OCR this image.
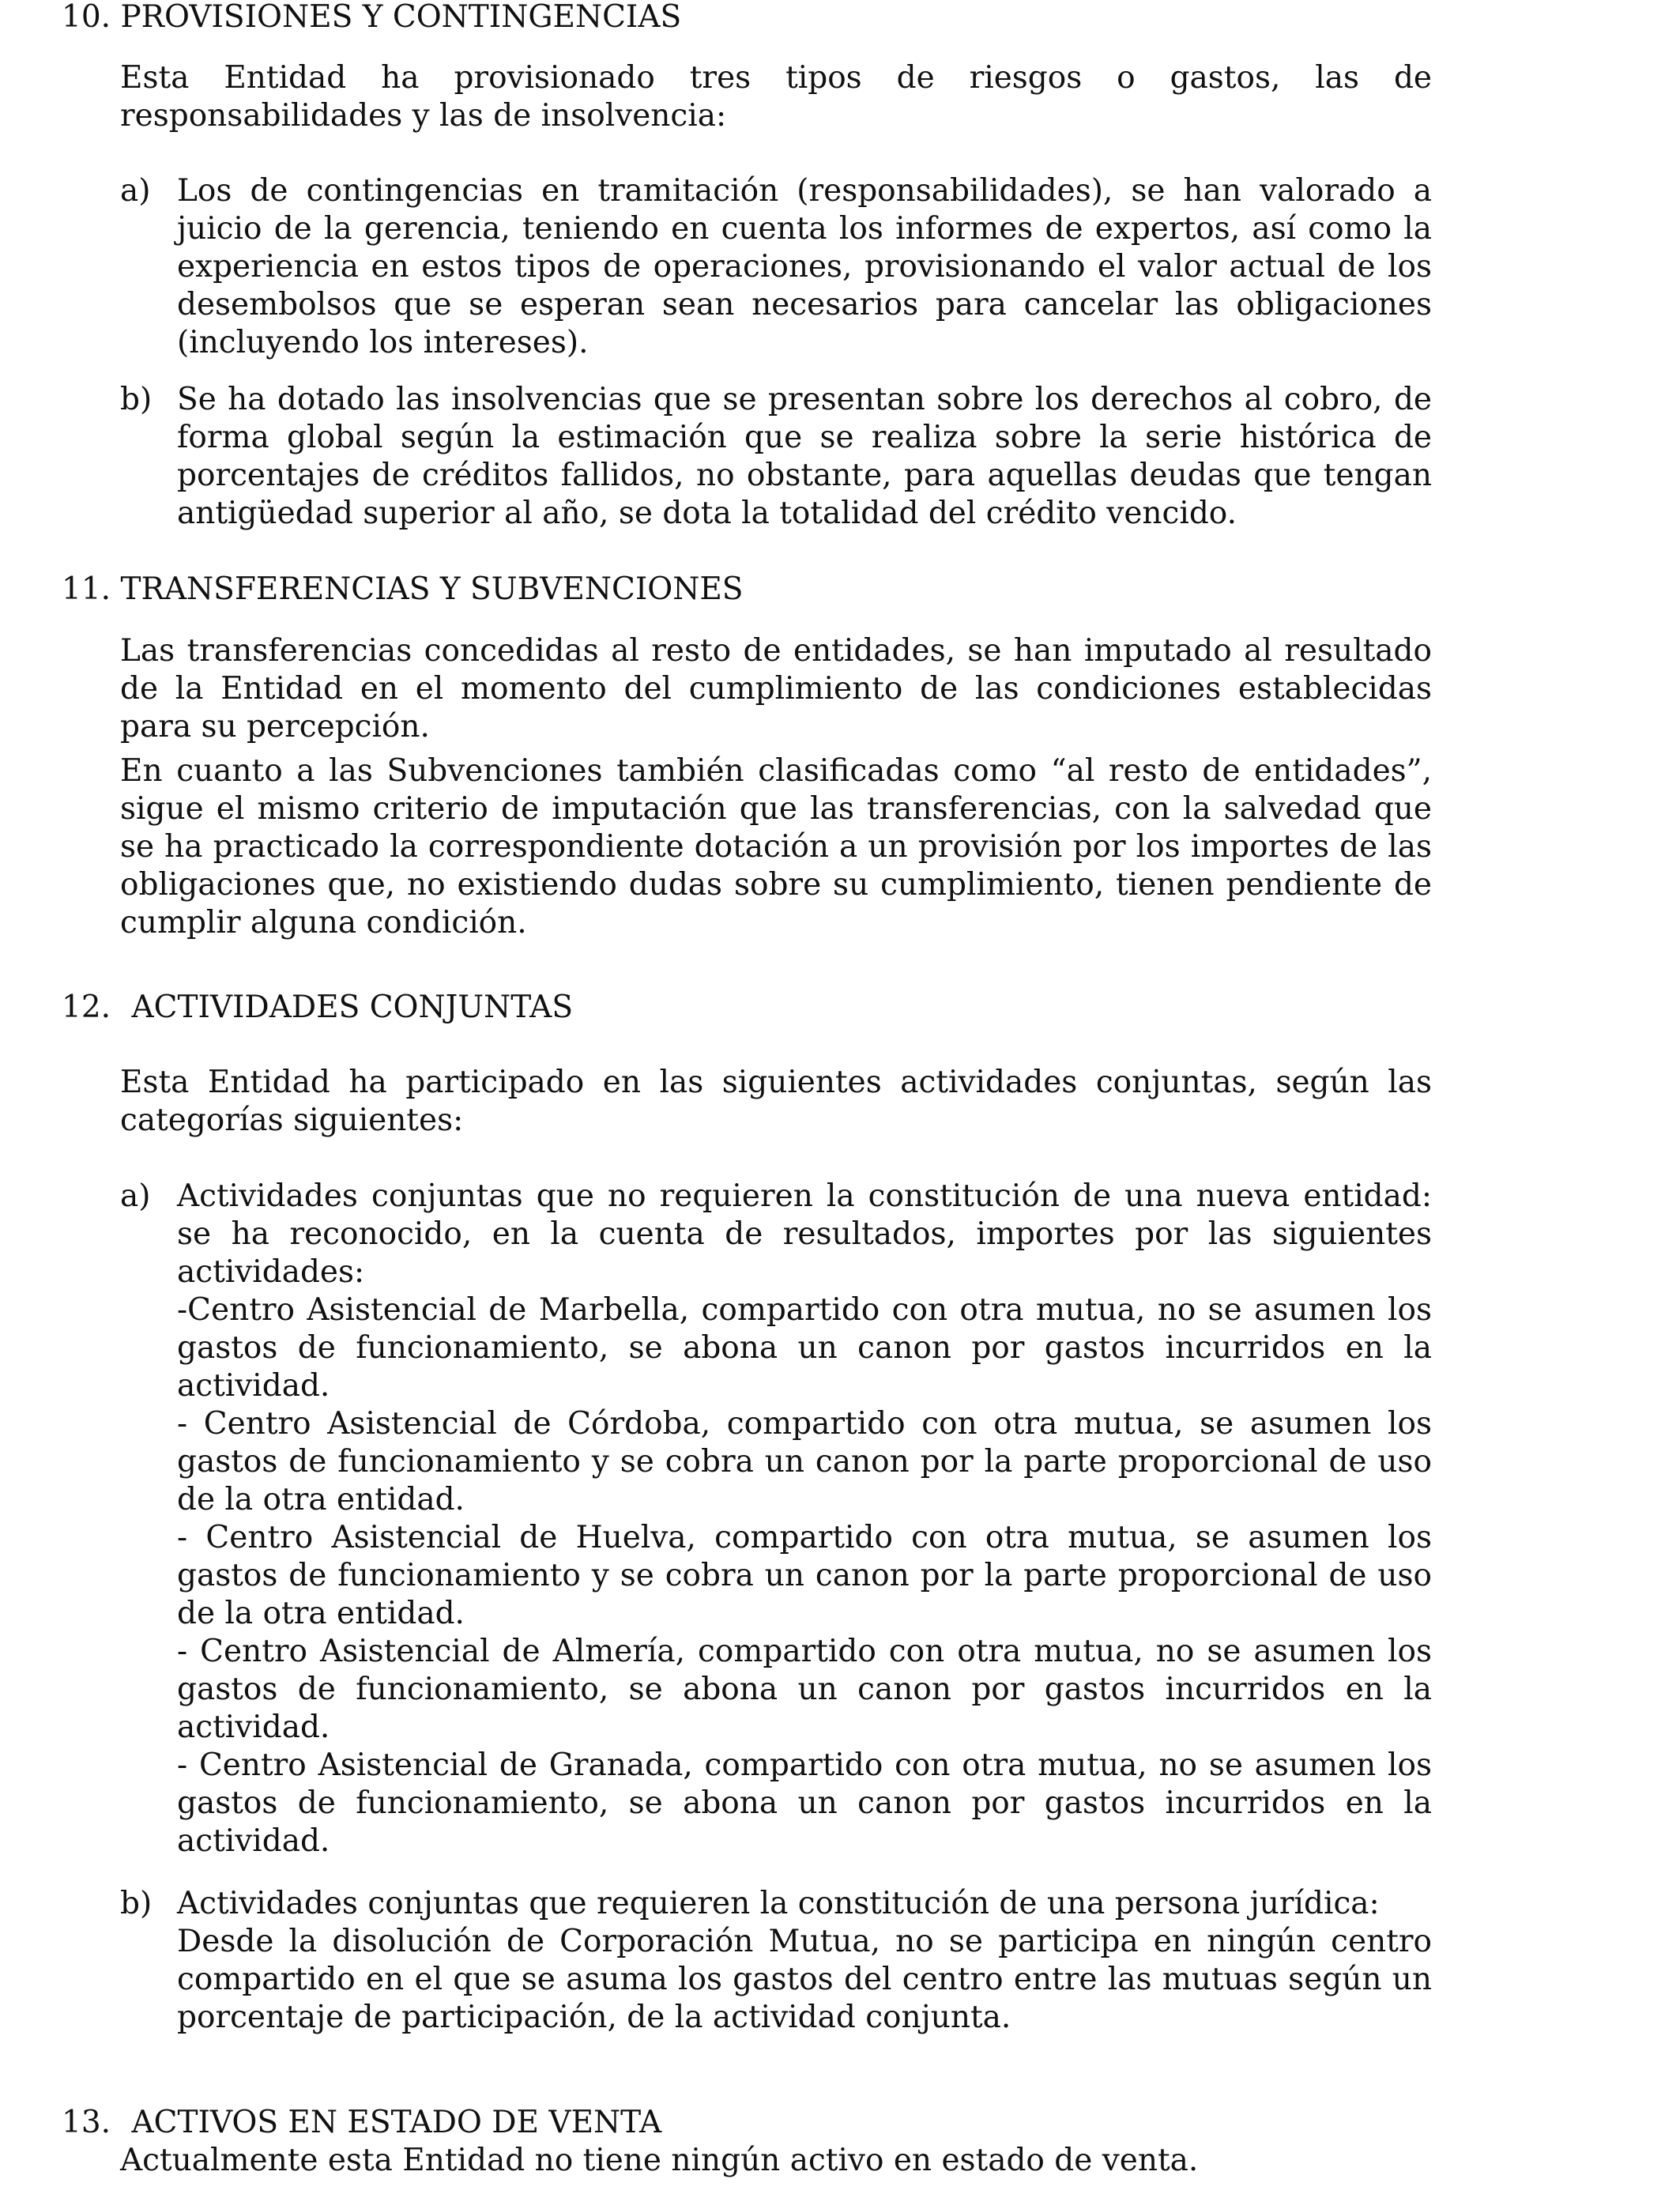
10. PROVISIONES Y CONTINGENCIAS
Esta Entidad ha provisionado tres tipos de riesgos o gastos, las de responsabilidades y las de insolvencia:
a) Los de contingencias en tramitación (responsabilidades), se han valorado a juicio de la gerencia, teniendo en cuenta los informes de expertos, así como la experiencia en estos tipos de operaciones, provisionando el valor actual de los desembolsos que se esperan sean necesarios para cancelar las obligaciones (incluyendo los intereses).
b) Se ha dotado las insolvencias que se presentan sobre los derechos al cobro, de forma global según la estimación que se realiza sobre la serie histórica de porcentajes de créditos fallidos, no obstante, para aquellas deudas que tengan antigüedad superior al año, se dota la totalidad del crédito vencido.
11. TRANSFERENCIAS Y SUBVENCIONES
Las transferencias concedidas al resto de entidades, se han imputado al resultado de la Entidad en el momento del cumplimiento de las condiciones establecidas para su percepción.
En cuanto a las Subvenciones también clasificadas como “al resto de entidades”, sigue el mismo criterio de imputación que las transferencias, con la salvedad que se ha practicado la correspondiente dotación a un provisión por los importes de las obligaciones que, no existiendo dudas sobre su cumplimiento, tienen pendiente de cumplir alguna condición.
12. ACTIVIDADES CONJUNTAS
Esta Entidad ha participado en las siguientes actividades conjuntas, según las categorías siguientes:
a) Actividades conjuntas que no requieren la constitución de una nueva entidad: se ha reconocido, en la cuenta de resultados, importes por las siguientes actividades:
-Centro Asistencial de Marbella, compartido con otra mutua, no se asumen los gastos de funcionamiento, se abona un canon por gastos incurridos en la actividad.
- Centro Asistencial de Córdoba, compartido con otra mutua, se asumen los gastos de funcionamiento y se cobra un canon por la parte proporcional de uso de la otra entidad.
- Centro Asistencial de Huelva, compartido con otra mutua, se asumen los gastos de funcionamiento y se cobra un canon por la parte proporcional de uso de la otra entidad.
- Centro Asistencial de Almería, compartido con otra mutua, no se asumen los gastos de funcionamiento, se abona un canon por gastos incurridos en la actividad.
- Centro Asistencial de Granada, compartido con otra mutua, no se asumen los gastos de funcionamiento, se abona un canon por gastos incurridos en la actividad.
b) Actividades conjuntas que requieren la constitución de una persona jurídica:
Desde la disolución de Corporación Mutua, no se participa en ningún centro compartido en el que se asuma los gastos del centro entre las mutuas según un porcentaje de participación, de la actividad conjunta.
13. ACTIVOS EN ESTADO DE VENTA
Actualmente esta Entidad no tiene ningún activo en estado de venta.
